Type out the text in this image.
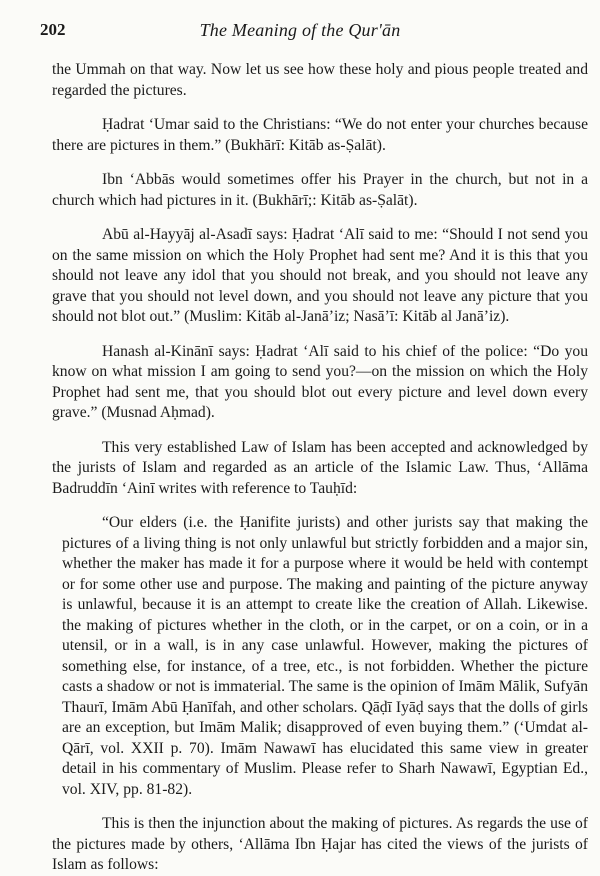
202	The Meaning of the Qur'ān

the Ummah on that way. Now let us see how these holy and pious people treated and regarded the pictures.

Ḥadrat ‘Umar said to the Christians: “We do not enter your churches because there are pictures in them.” (Bukhārī: Kitāb as-Ṣalāt).

Ibn ‘Abbās would sometimes offer his Prayer in the church, but not in a church which had pictures in it. (Bukhārī;: Kitāb as-Ṣalāt).

Abū al-Hayyāj al-Asadī says: Ḥadrat ‘Alī said to me: “Should I not send you on the same mission on which the Holy Prophet had sent me? And it is this that you should not leave any idol that you should not break, and you should not leave any grave that you should not level down, and you should not leave any picture that you should not blot out.” (Muslim: Kitāb al-Janā’iz; Nasā’ī: Kitāb al Janā’iz).

Hanash al-Kinānī says: Ḥadrat ‘Alī said to his chief of the police: “Do you know on what mission I am going to send you?—on the mission on which the Holy Prophet had sent me, that you should blot out every picture and level down every grave.” (Musnad Aḥmad).

This very established Law of Islam has been accepted and acknowledged by the jurists of Islam and regarded as an article of the Islamic Law. Thus, ‘Allāma Badruddīn ‘Ainī writes with reference to Tauḥīd:

“Our elders (i.e. the Ḥanifite jurists) and other jurists say that making the pictures of a living thing is not only unlawful but strictly forbidden and a major sin, whether the maker has made it for a purpose where it would be held with contempt or for some other use and purpose. The making and painting of the picture anyway is unlawful, because it is an attempt to create like the creation of Allah. Likewise. the making of pictures whether in the cloth, or in the carpet, or on a coin, or in a utensil, or in a wall, is in any case unlawful. However, making the pictures of something else, for instance, of a tree, etc., is not forbidden. Whether the picture casts a shadow or not is immaterial. The same is the opinion of Imām Mālik, Sufyān Thaurī, Imām Abū Ḥanīfah, and other scholars. Qāḍī Iyāḍ says that the dolls of girls are an exception, but Imām Malik; disapproved of even buying them.” (‘Umdat al-Qārī, vol. XXII p. 70). Imām Nawawī has elucidated this same view in greater detail in his commentary of Muslim. Please refer to Sharh Nawawī, Egyptian Ed., vol. XIV, pp. 81-82).

This is then the injunction about the making of pictures. As regards the use of the pictures made by others, ‘Allāma Ibn Ḥajar has cited the views of the jurists of Islam as follows:
